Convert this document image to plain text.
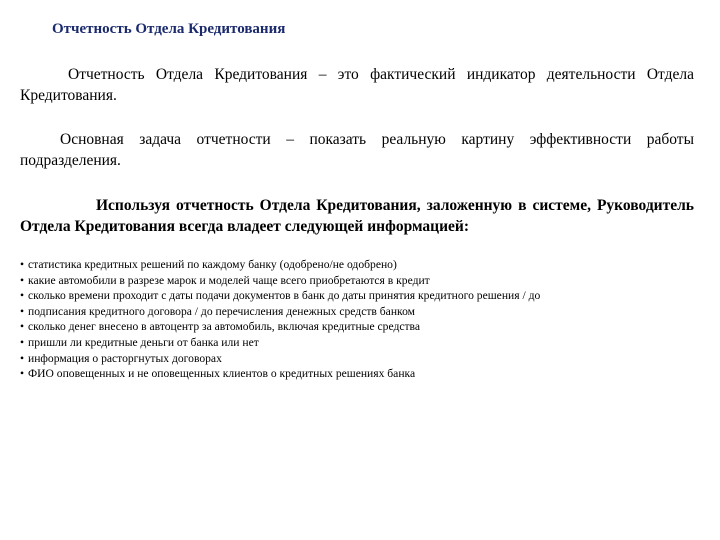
Отчетность Отдела Кредитования
Отчетность Отдела Кредитования – это фактический индикатор деятельности Отдела Кредитования.
Основная задача отчетности – показать реальную картину эффективности работы подразделения.
Используя отчетность Отдела Кредитования, заложенную в системе, Руководитель Отдела Кредитования всегда владеет следующей информацией:
• статистика кредитных решений по каждому банку (одобрено/не одобрено)
• какие автомобили в разрезе марок и моделей чаще всего приобретаются в кредит
• сколько времени проходит с даты подачи документов в банк до даты принятия кредитного решения / до
• подписания кредитного договора / до перечисления денежных средств банком
• сколько денег внесено в автоцентр за автомобиль, включая кредитные средства
• пришли ли кредитные деньги от банка или нет
• информация о расторгнутых договорах
• ФИО оповещенных и не оповещенных клиентов о кредитных решениях банка
